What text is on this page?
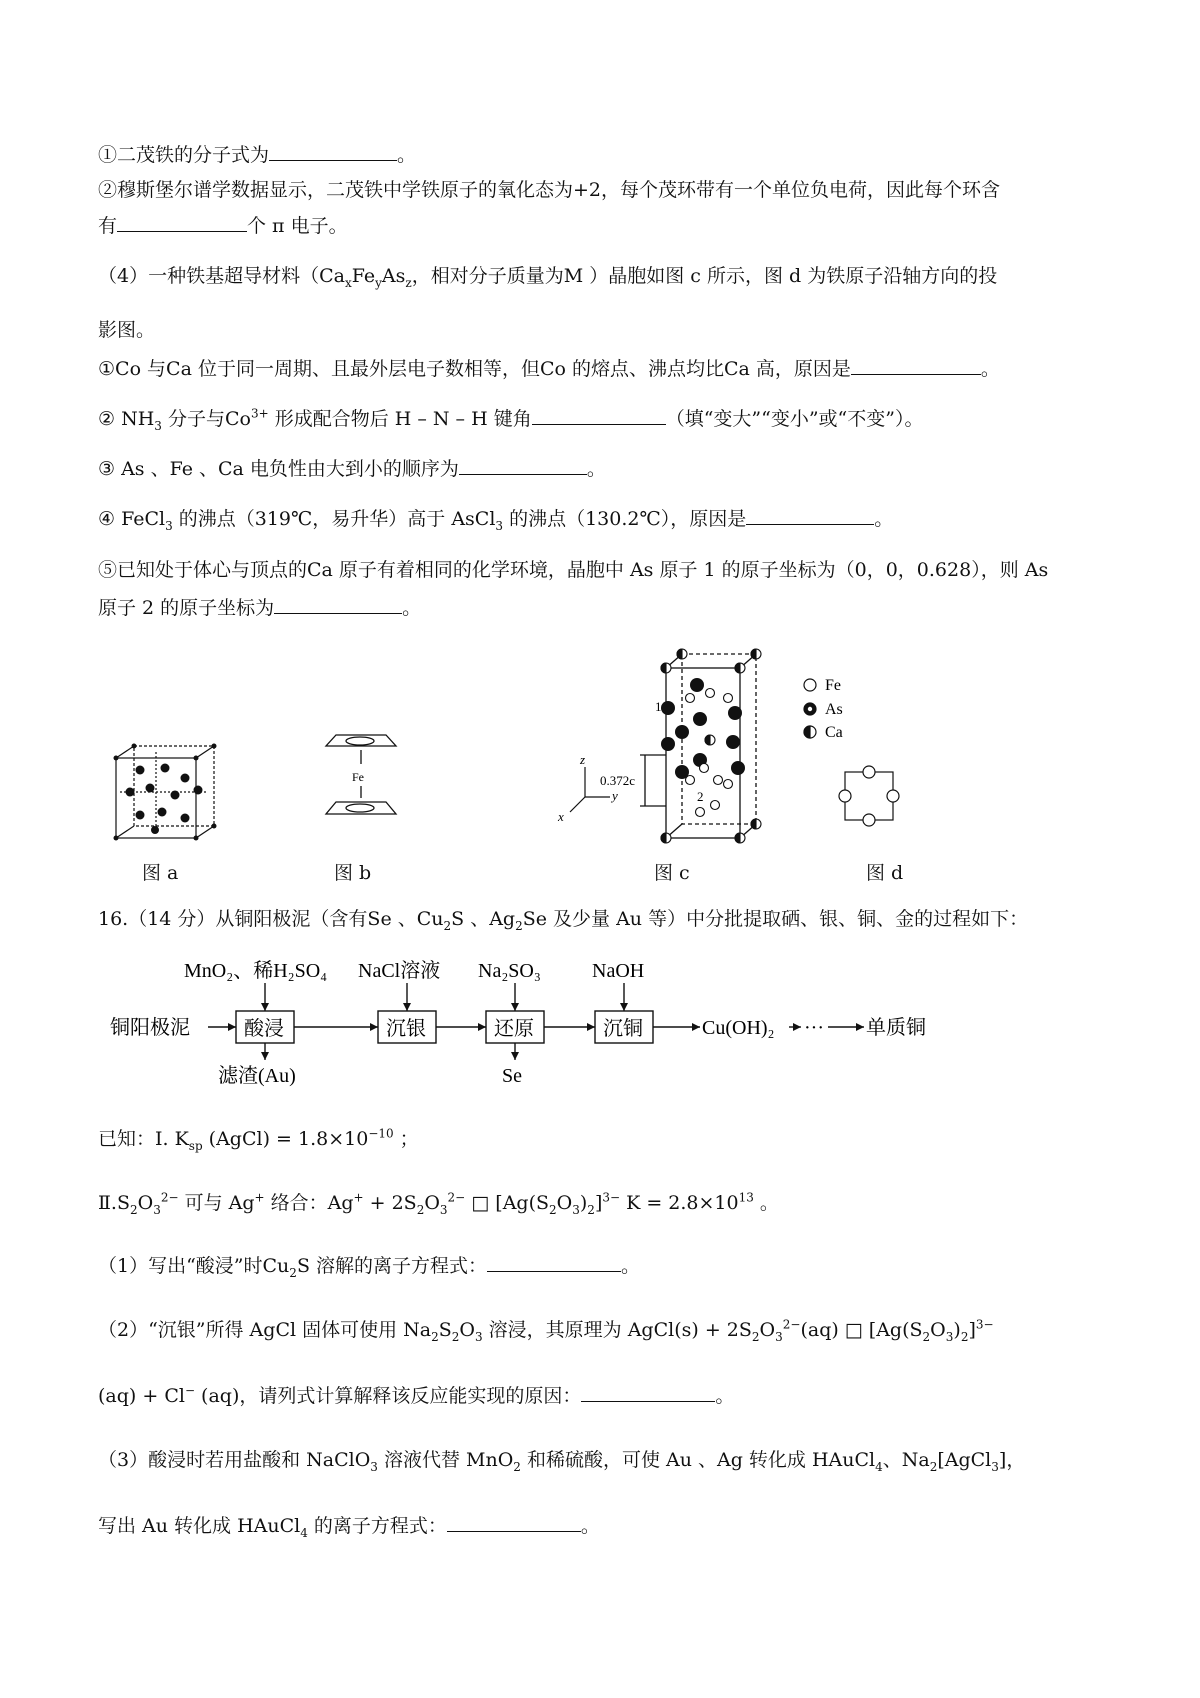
①二茂铁的分子式为	。
②穆斯堡尔谱学数据显示，二茂铁中学铁原子的氧化态为+2，每个茂环带有一个单位负电荷，因此每个环含
有	个 π 电子。
（4）一种铁基超导材料（$Ca_xFe_yAs_z$，相对分子质量为M ）晶胞如图 c 所示，图 d 为铁原子沿轴方向的投
影图。
①Co 与Ca 位于同一周期、且最外层电子数相等，但Co 的熔点、沸点均比Ca 高，原因是	。
② $NH_3$ 分子与$Co^{3+}$ 形成配合物后 H – N – H 键角	（填“变大”“变小”或“不变”）。
③ As 、Fe 、Ca 电负性由大到小的顺序为	。
④ FeCl$_3$ 的沸点（319℃，易升华）高于 AsCl$_3$ 的沸点（130.2℃），原因是	。
⑤已知处于体心与顶点的Ca 原子有着相同的化学环境，晶胞中 As 原子 1 的原子坐标为（0，0，0.628），则 As
原子 2 的原子坐标为	。
Fe
z
y
x
0.372c
1
2
Fe
As
Ca
图 a	图 b	图 c	图 d
16.（14 分）从铜阳极泥（含有Se 、$Cu_2S$ 、$Ag_2Se$ 及少量 Au 等）中分批提取硒、银、铜、金的过程如下：
铜阳极泥	酸浸	沉银	还原	沉铜	Cu(OH)₂ ··· 单质铜
MnO₂、稀H₂SO₄ NaCl溶液 Na₂SO₃	NaOH
滤渣(Au)	Se
已知：I. $K_{sp}$ (AgCl) = $1.8\times 10^{-10}$ ；
$Ⅱ.S_2O_3^{2-}$ 可与 Ag+ 络合：$Ag^+ + 2S_2O_3^{2-}$ □ $[Ag(S_2O_3)_2]^{3-}$ $K = 2.8\times 10^{13}$ 。
（1）写出“酸浸”时$Cu_2S$ 溶解的离子方程式：	。
（2）“沉银”所得 AgCl 固体可使用 $Na_2S_2O_3$ 溶浸，其原理为 AgCl(s) + $2S_2O_3^{2-}(aq)$ □ $[Ag(S_2O_3)_2]^{3-}$
(aq) + Cl− (aq)，请列式计算解释该反应能实现的原因：	。
（3）酸浸时若用盐酸和 NaClO$_3$ 溶液代替 MnO$_2$ 和稀硫酸，可使 Au 、Ag 转化成 HAuCl$_4$、$Na_2[AgCl_3]$，
写出 Au 转化成 HAuCl$_4$ 的离子方程式：	。
